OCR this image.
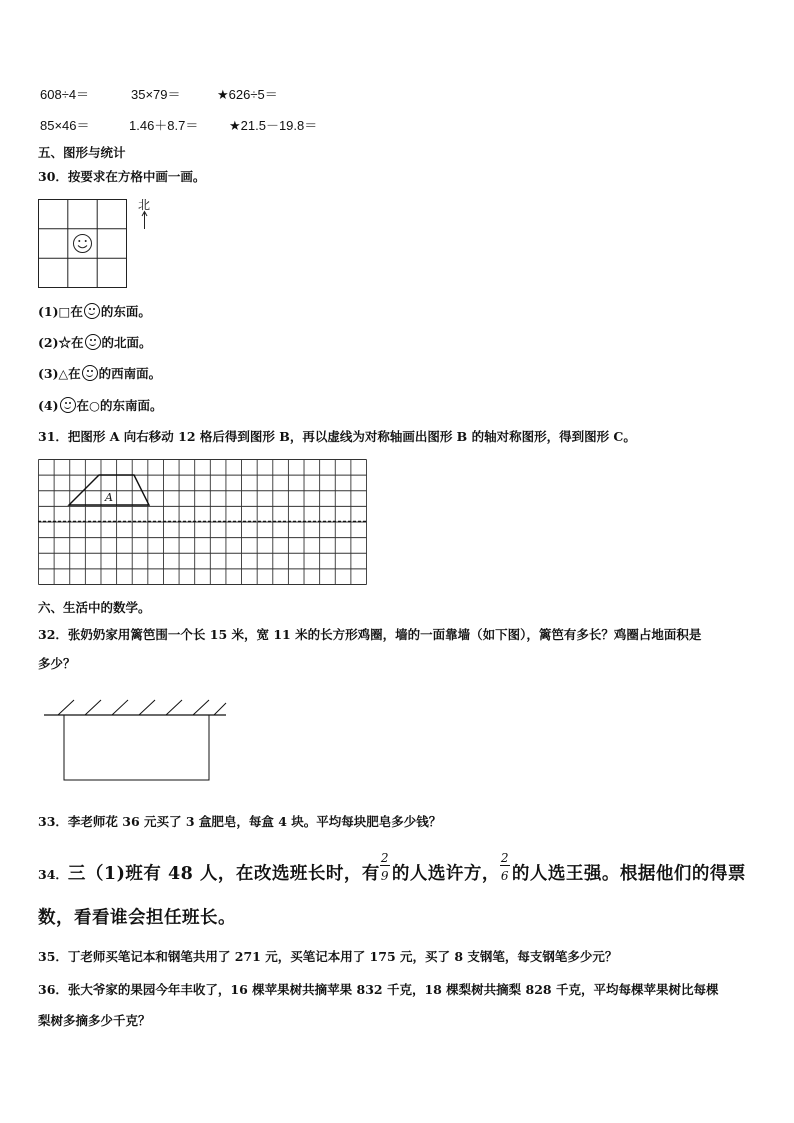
608÷4＝	35×79＝	★626÷5＝
85×46＝	1.46＋8.7＝ ★21.5－19.8＝
五、图形与统计
30．按要求在方格中画一画。
北
(1)□在 的东面。
(2)☆在 的北面。
(3)△在 的西南面。
(4) 在○的东南面。
31．把图形 A 向右移动 12 格后得到图形 B，再以虚线为对称轴画出图形 B 的轴对称图形，得到图形 C。
A
六、生活中的数学。
32．张奶奶家用篱笆围一个长 15 米，宽 11 米的长方形鸡圈，墙的一面靠墙（如下图），篱笆有多长？鸡圈占地面积是
多少？
33．李老师花 36 元买了 3 盒肥皂，每盒 4 块。平均每块肥皂多少钱？
34．三（1)班有 48 人，在改选班长时，有 $\frac{2}{9}$ 的人选许方， $\frac{2}{6}$ 的人选王强。根据他们的得票
数，看看谁会担任班长。
35．丁老师买笔记本和钢笔共用了 271 元，买笔记本用了 175 元，买了 8 支钢笔，每支钢笔多少元？
36．张大爷家的果园今年丰收了，16 棵苹果树共摘苹果 832 千克，18 棵梨树共摘梨 828 千克，平均每棵苹果树比每棵
梨树多摘多少千克？
